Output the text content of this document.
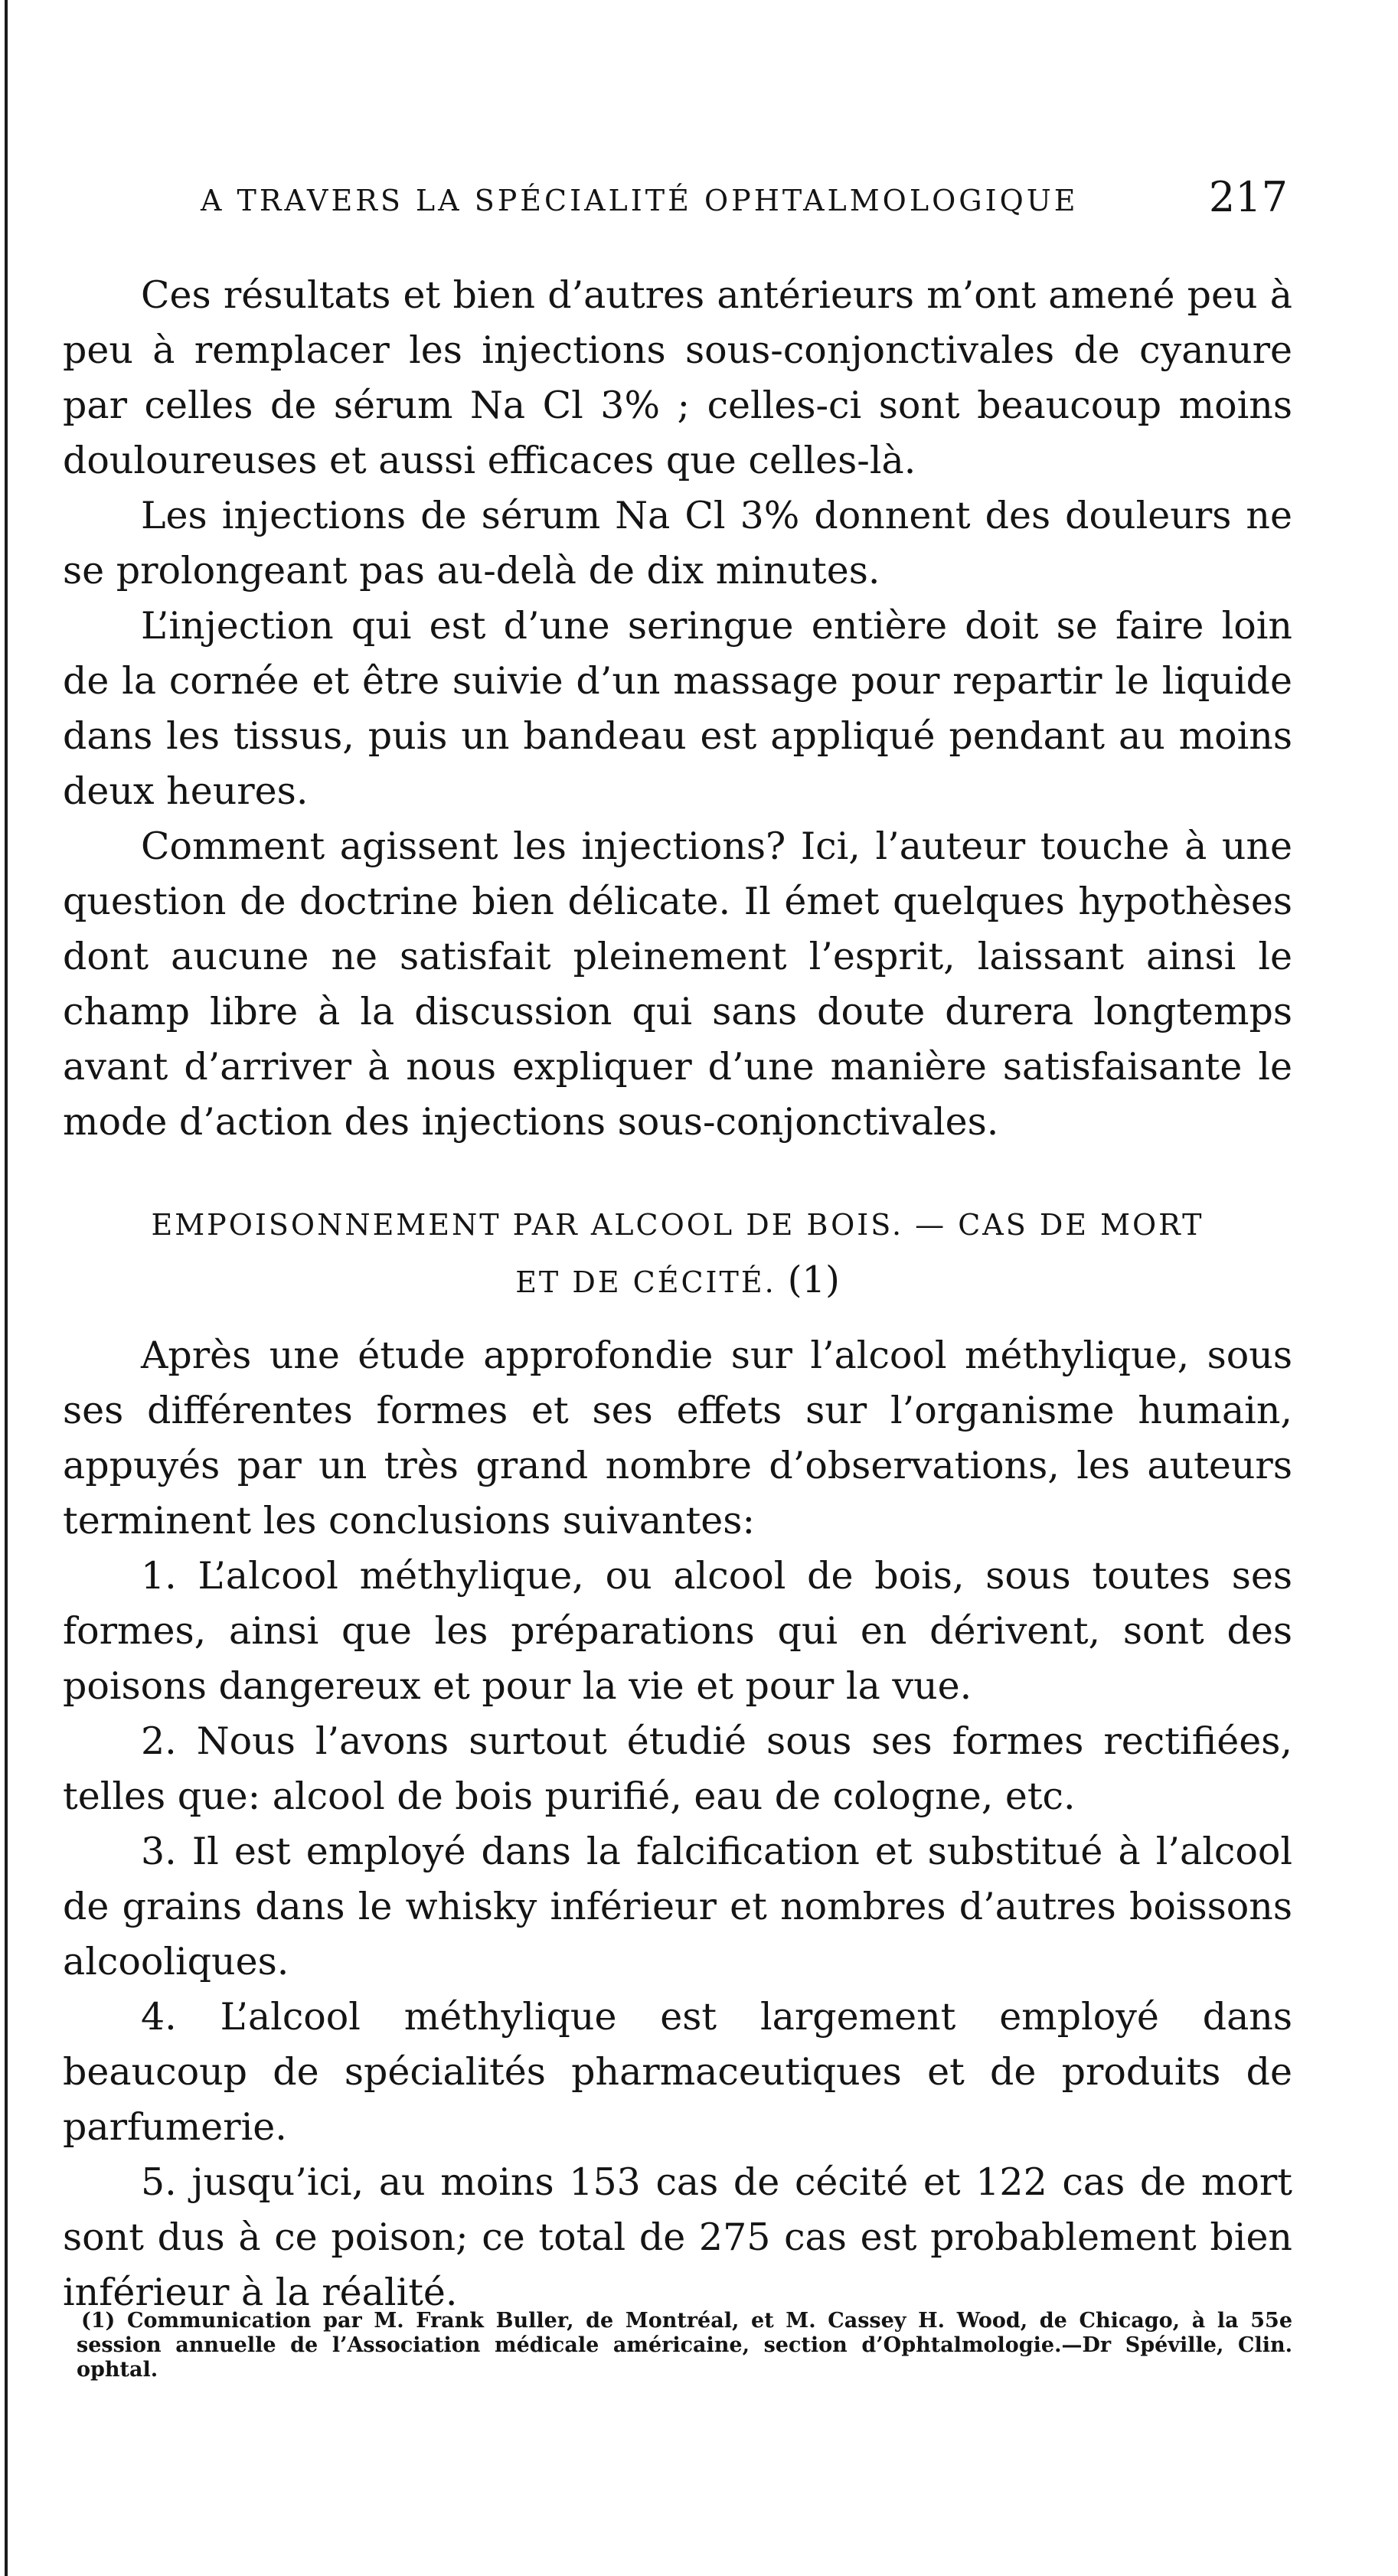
A TRAVERS LA SPÉCIALITÉ OPHTALMOLOGIQUE	217

Ces résultats et bien d’autres antérieurs m’ont amené peu à peu à remplacer les injections sous-conjonctivales de cyanure par celles de sérum Na Cl 3% ; celles-ci sont beaucoup moins douloureuses et aussi efficaces que celles-là.

Les injections de sérum Na Cl 3% donnent des douleurs ne se prolongeant pas au-delà de dix minutes.

L’injection qui est d’une seringue entière doit se faire loin de la cornée et être suivie d’un massage pour repartir le liquide dans les tissus, puis un bandeau est appliqué pendant au moins deux heures.

Comment agissent les injections? Ici, l’auteur touche à une question de doctrine bien délicate. Il émet quelques hypothèses dont aucune ne satisfait pleinement l’esprit, laissant ainsi le champ libre à la discussion qui sans doute durera longtemps avant d’arriver à nous expliquer d’une manière satisfaisante le mode d’action des injections sous-conjonctivales.

EMPOISONNEMENT PAR ALCOOL DE BOIS. — CAS DE MORT
ET DE CÉCITÉ. (1)

Après une étude approfondie sur l’alcool méthylique, sous ses différentes formes et ses effets sur l’organisme humain, appuyés par un très grand nombre d’observations, les auteurs terminent les conclusions suivantes:

1. L’alcool méthylique, ou alcool de bois, sous toutes ses formes, ainsi que les préparations qui en dérivent, sont des poisons dangereux et pour la vie et pour la vue.

2. Nous l’avons surtout étudié sous ses formes rectifiées, telles que: alcool de bois purifié, eau de cologne, etc.

3. Il est employé dans la falcification et substitué à l’alcool de grains dans le whisky inférieur et nombres d’autres boissons alcooliques.

4. L’alcool méthylique est largement employé dans beaucoup de spécialités pharmaceutiques et de produits de parfumerie.

5. jusqu’ici, au moins 153 cas de cécité et 122 cas de mort sont dus à ce poison; ce total de 275 cas est probablement bien inférieur à la réalité.

(1) Communication par M. Frank Buller, de Montréal, et M. Cassey H. Wood, de Chicago, à la 55e session annuelle de l’Association médicale américaine, section d’Ophtalmologie.—Dr Spéville, Clin. ophtal.
